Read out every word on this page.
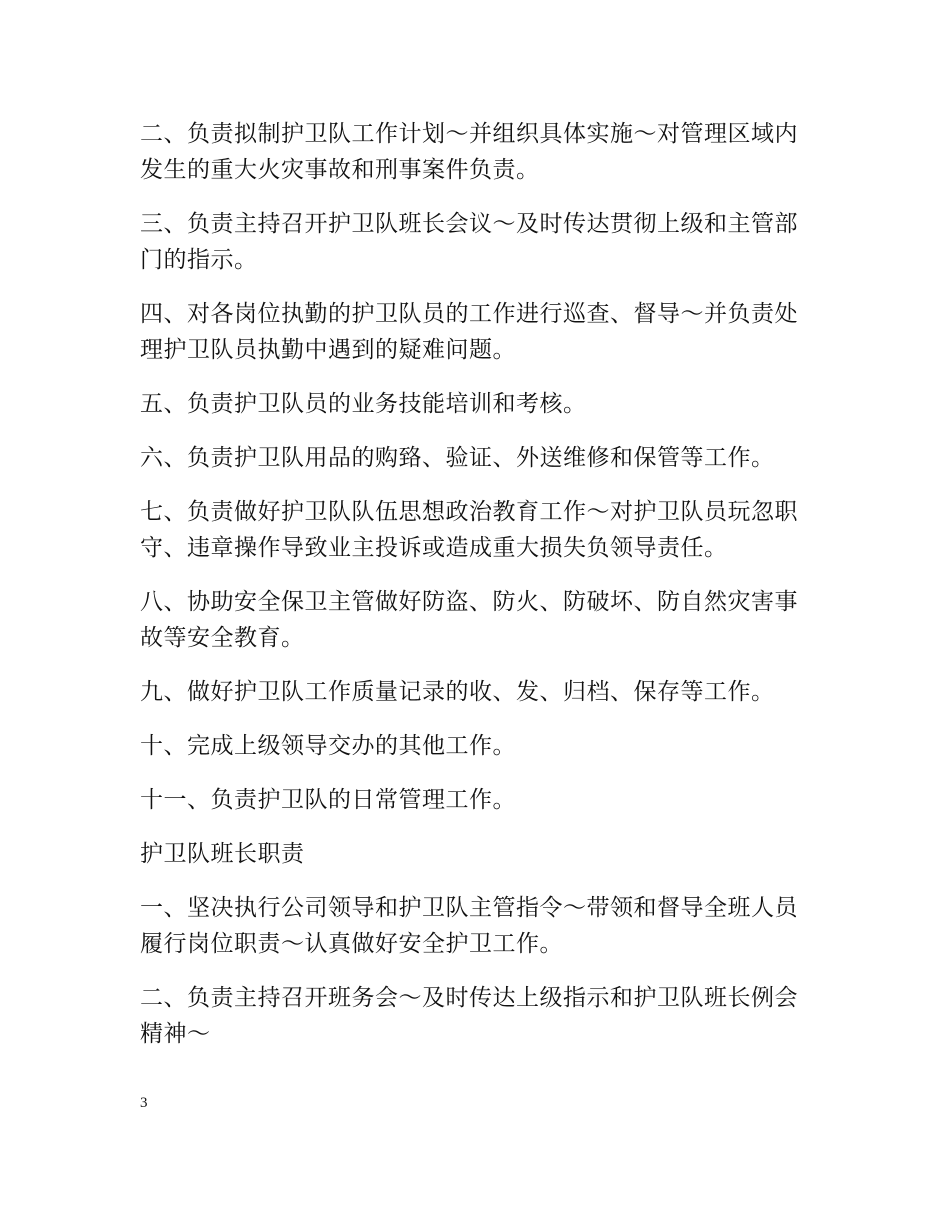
二、负责拟制护卫队工作计划～并组织具体实施～对管理区域内发生的重大火灾事故和刑事案件负责。

三、负责主持召开护卫队班长会议～及时传达贯彻上级和主管部门的指示。

四、对各岗位执勤的护卫队员的工作进行巡查、督导～并负责处理护卫队员执勤中遇到的疑难问题。

五、负责护卫队员的业务技能培训和考核。

六、负责护卫队用品的购臵、验证、外送维修和保管等工作。

七、负责做好护卫队队伍思想政治教育工作～对护卫队员玩忽职守、违章操作导致业主投诉或造成重大损失负领导责任。

八、协助安全保卫主管做好防盗、防火、防破坏、防自然灾害事故等安全教育。

九、做好护卫队工作质量记录的收、发、归档、保存等工作。

十、完成上级领导交办的其他工作。

十一、负责护卫队的日常管理工作。

护卫队班长职责

一、坚决执行公司领导和护卫队主管指令～带领和督导全班人员履行岗位职责～认真做好安全护卫工作。

二、负责主持召开班务会～及时传达上级指示和护卫队班长例会精神～

3
